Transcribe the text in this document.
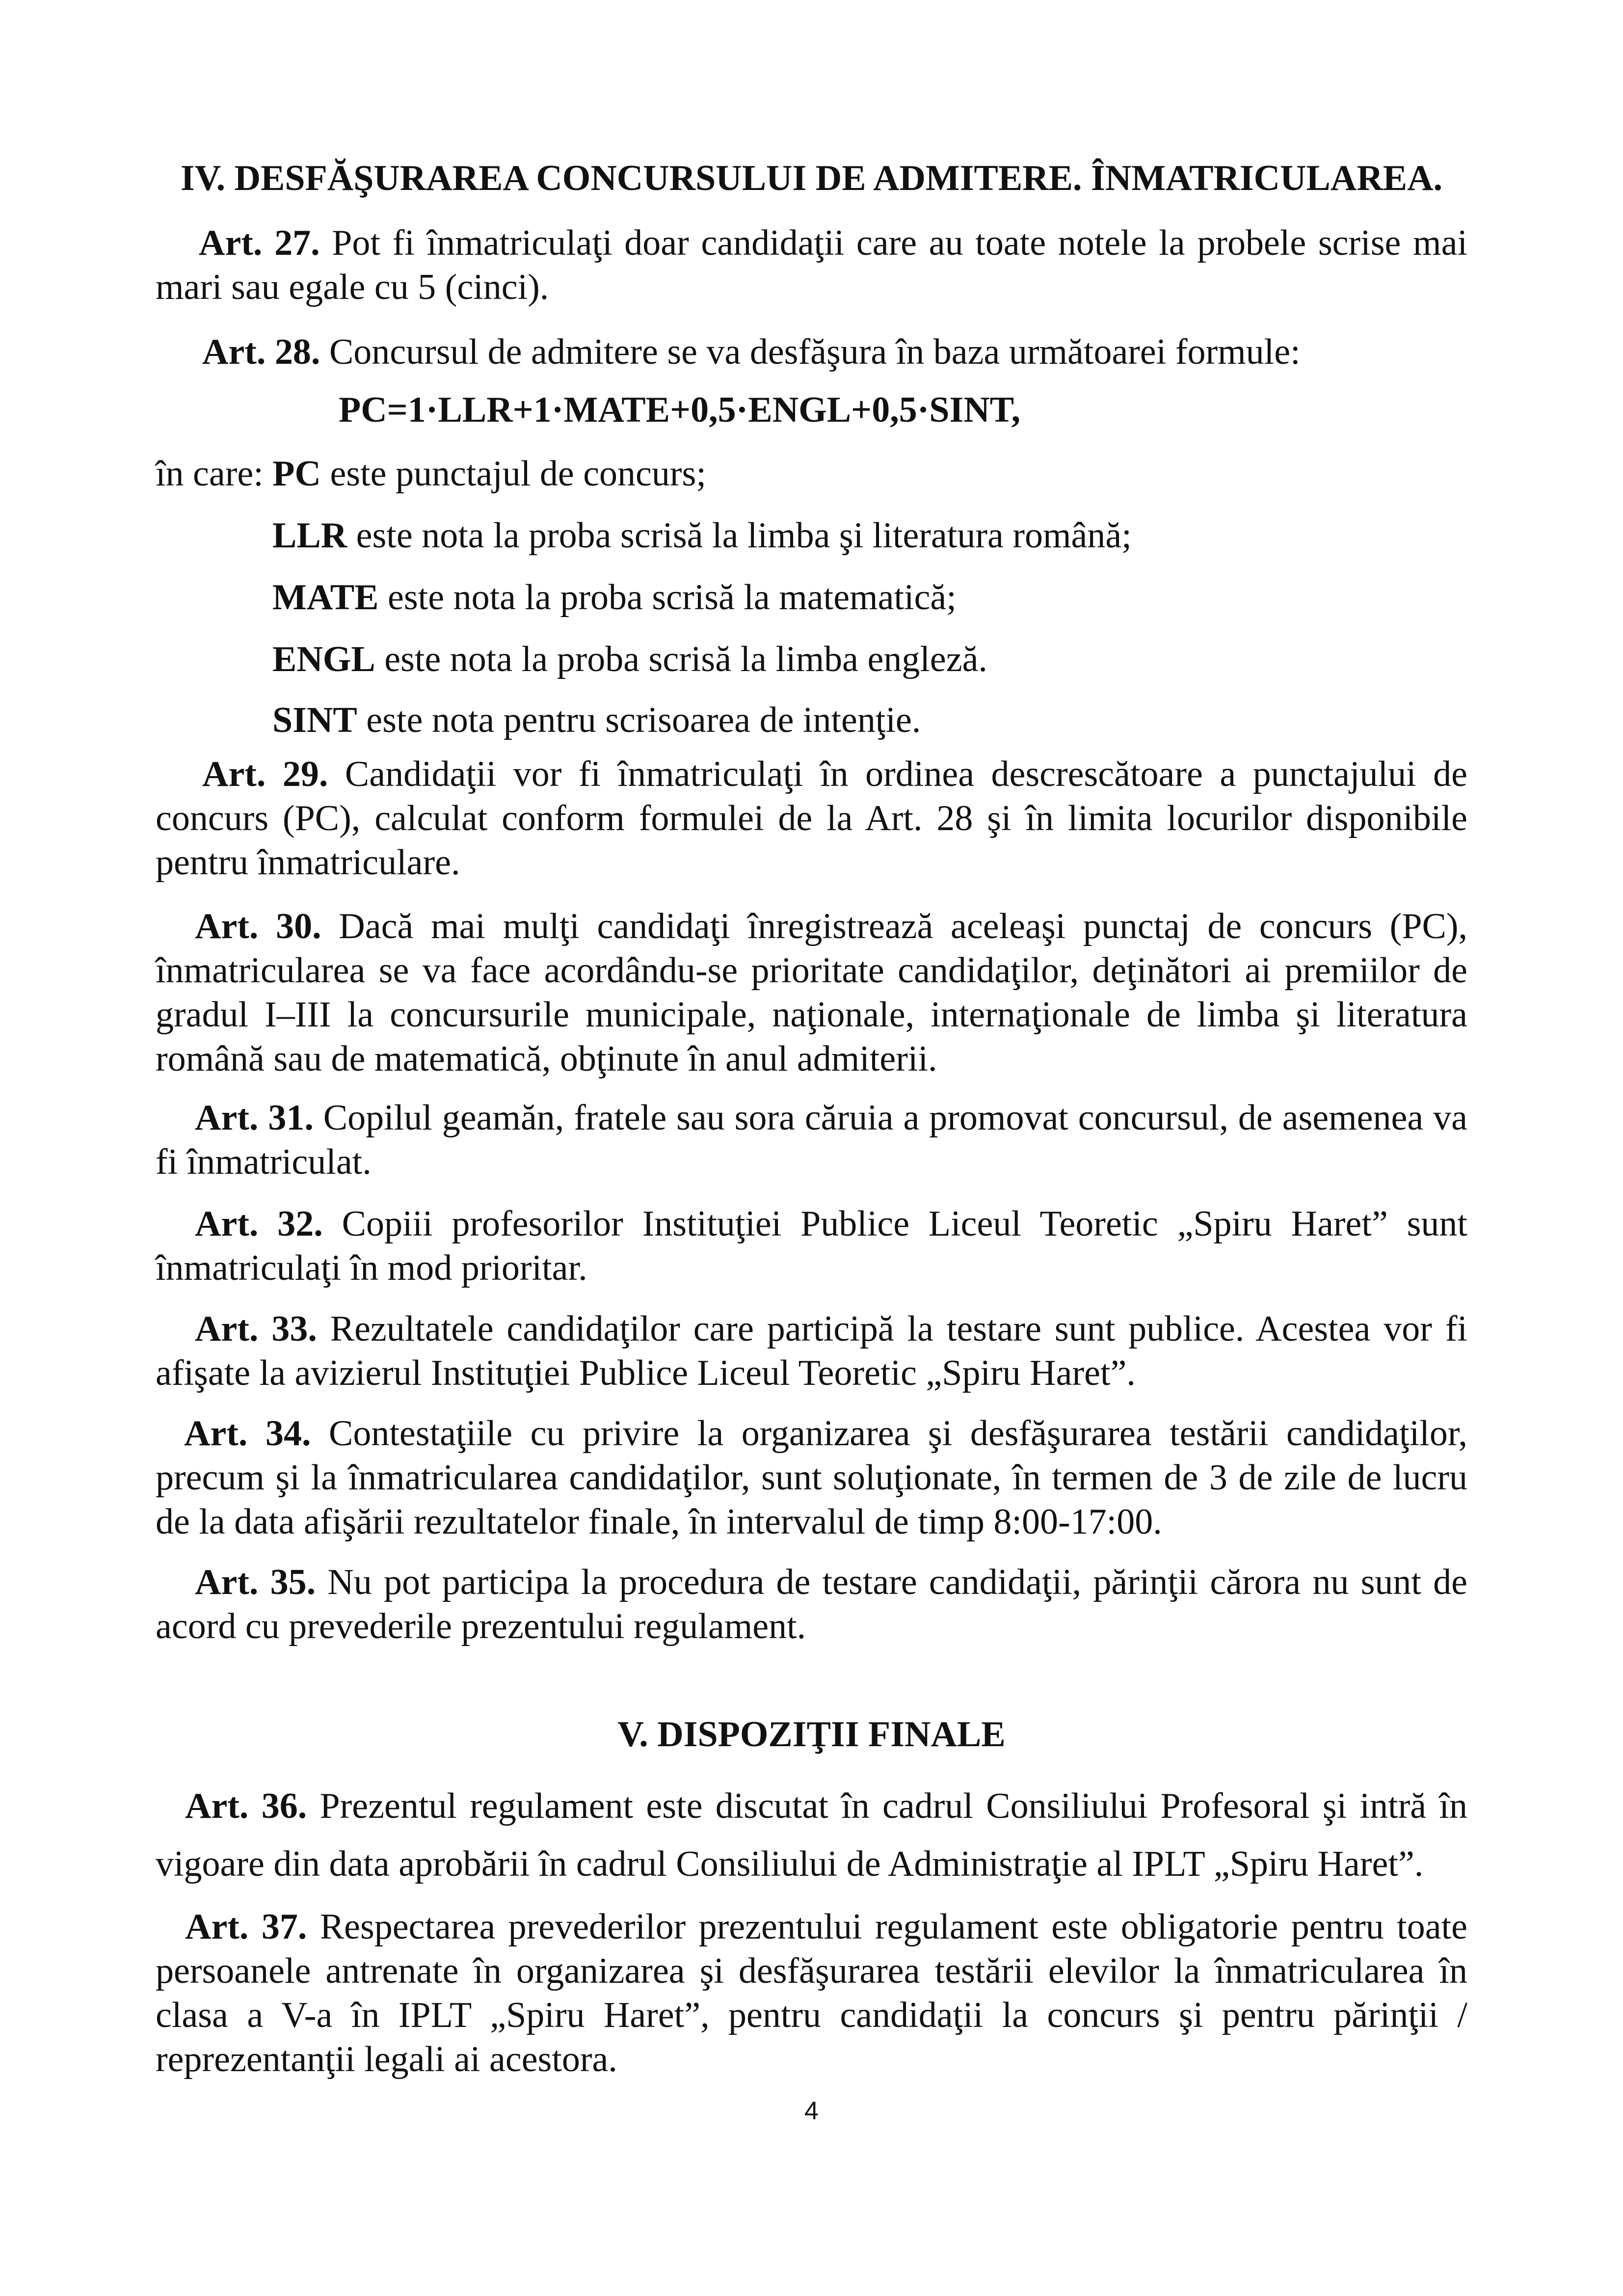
IV. DESFĂŞURAREA CONCURSULUI DE ADMITERE. ÎNMATRICULAREA.

Art. 27. Pot fi înmatriculaţi doar candidaţii care au toate notele la probele scrise mai mari sau egale cu 5 (cinci).

Art. 28. Concursul de admitere se va desfăşura în baza următoarei formule:

PC=1·LLR+1·MATE+0,5·ENGL+0,5·SINT,
în care: PC este punctajul de concurs;
LLR este nota la proba scrisă la limba şi literatura română;
MATE este nota la proba scrisă la matematică;
ENGL este nota la proba scrisă la limba engleză.
SINT este nota pentru scrisoarea de intenţie.

Art. 29. Candidaţii vor fi înmatriculaţi în ordinea descrescătoare a punctajului de concurs (PC), calculat conform formulei de la Art. 28 şi în limita locurilor disponibile pentru înmatriculare.

Art. 30. Dacă mai mulţi candidaţi înregistrează aceleaşi punctaj de concurs (PC), înmatricularea se va face acordându-se prioritate candidaţilor, deţinători ai premiilor de gradul I–III la concursurile municipale, naţionale, internaţionale de limba şi literatura română sau de matematică, obţinute în anul admiterii.

Art. 31. Copilul geamăn, fratele sau sora căruia a promovat concursul, de asemenea va fi înmatriculat.

Art. 32. Copiii profesorilor Instituţiei Publice Liceul Teoretic „Spiru Haret” sunt înmatriculaţi în mod prioritar.

Art. 33. Rezultatele candidaţilor care participă la testare sunt publice. Acestea vor fi afişate la avizierul Instituţiei Publice Liceul Teoretic „Spiru Haret”.

Art. 34. Contestaţiile cu privire la organizarea şi desfăşurarea testării candidaţilor, precum şi la înmatricularea candidaţilor, sunt soluţionate, în termen de 3 de zile de lucru de la data afişării rezultatelor finale, în intervalul de timp 8:00-17:00.

Art. 35. Nu pot participa la procedura de testare candidaţii, părinţii cărora nu sunt de acord cu prevederile prezentului regulament.

V. DISPOZIŢII FINALE

Art. 36. Prezentul regulament este discutat în cadrul Consiliului Profesoral şi intră în vigoare din data aprobării în cadrul Consiliului de Administraţie al IPLT „Spiru Haret”.

Art. 37. Respectarea prevederilor prezentului regulament este obligatorie pentru toate persoanele antrenate în organizarea şi desfăşurarea testării elevilor la înmatricularea în clasa a V-a în IPLT „Spiru Haret”, pentru candidaţii la concurs şi pentru părinţii / reprezentanţii legali ai acestora.

4
